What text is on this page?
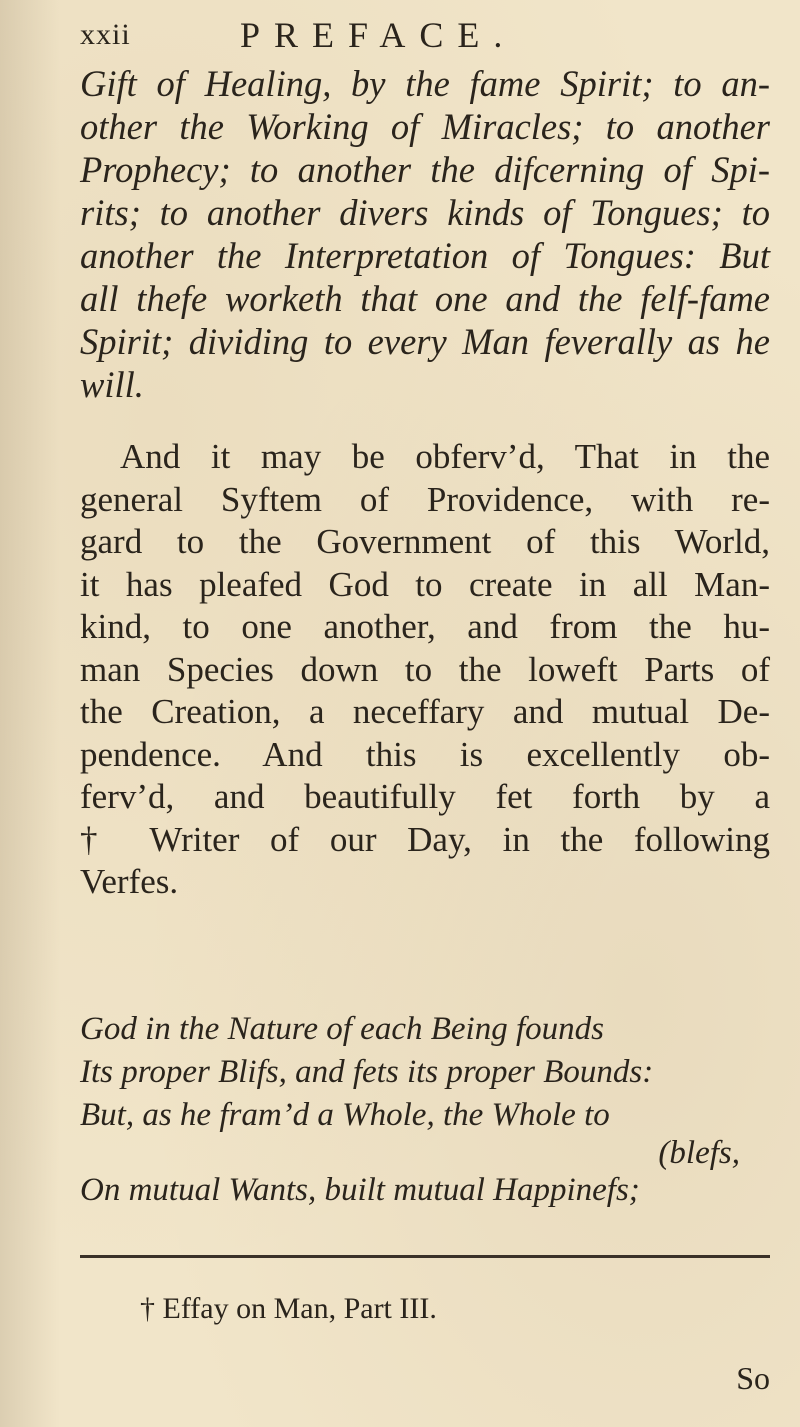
xxii	PREFACE.
Gift of Healing, by the fame Spirit; to an-
other the Working of Miracles; to another
Prophecy; to another the difcerning of Spi-
rits; to another divers kinds of Tongues; to
another the Interpretation of Tongues: But
all thefe worketh that one and the felf-fame
Spirit; dividing to every Man feverally as he
will.
And it may be obferv’d, That in the
general Syftem of Providence, with re-
gard to the Government of this World,
it has pleafed God to create in all Man-
kind, to one another, and from the hu-
man Species down to the loweft Parts of
the Creation, a neceffary and mutual De-
pendence. And this is excellently ob-
ferv’d, and beautifully fet forth by a
† Writer of our Day, in the following
Verfes.
God in the Nature of each Being founds
Its proper Blifs, and fets its proper Bounds:
But, as he fram’d a Whole, the Whole to
(blefs,
On mutual Wants, built mutual Happinefs;
† Effay on Man, Part III.
So
